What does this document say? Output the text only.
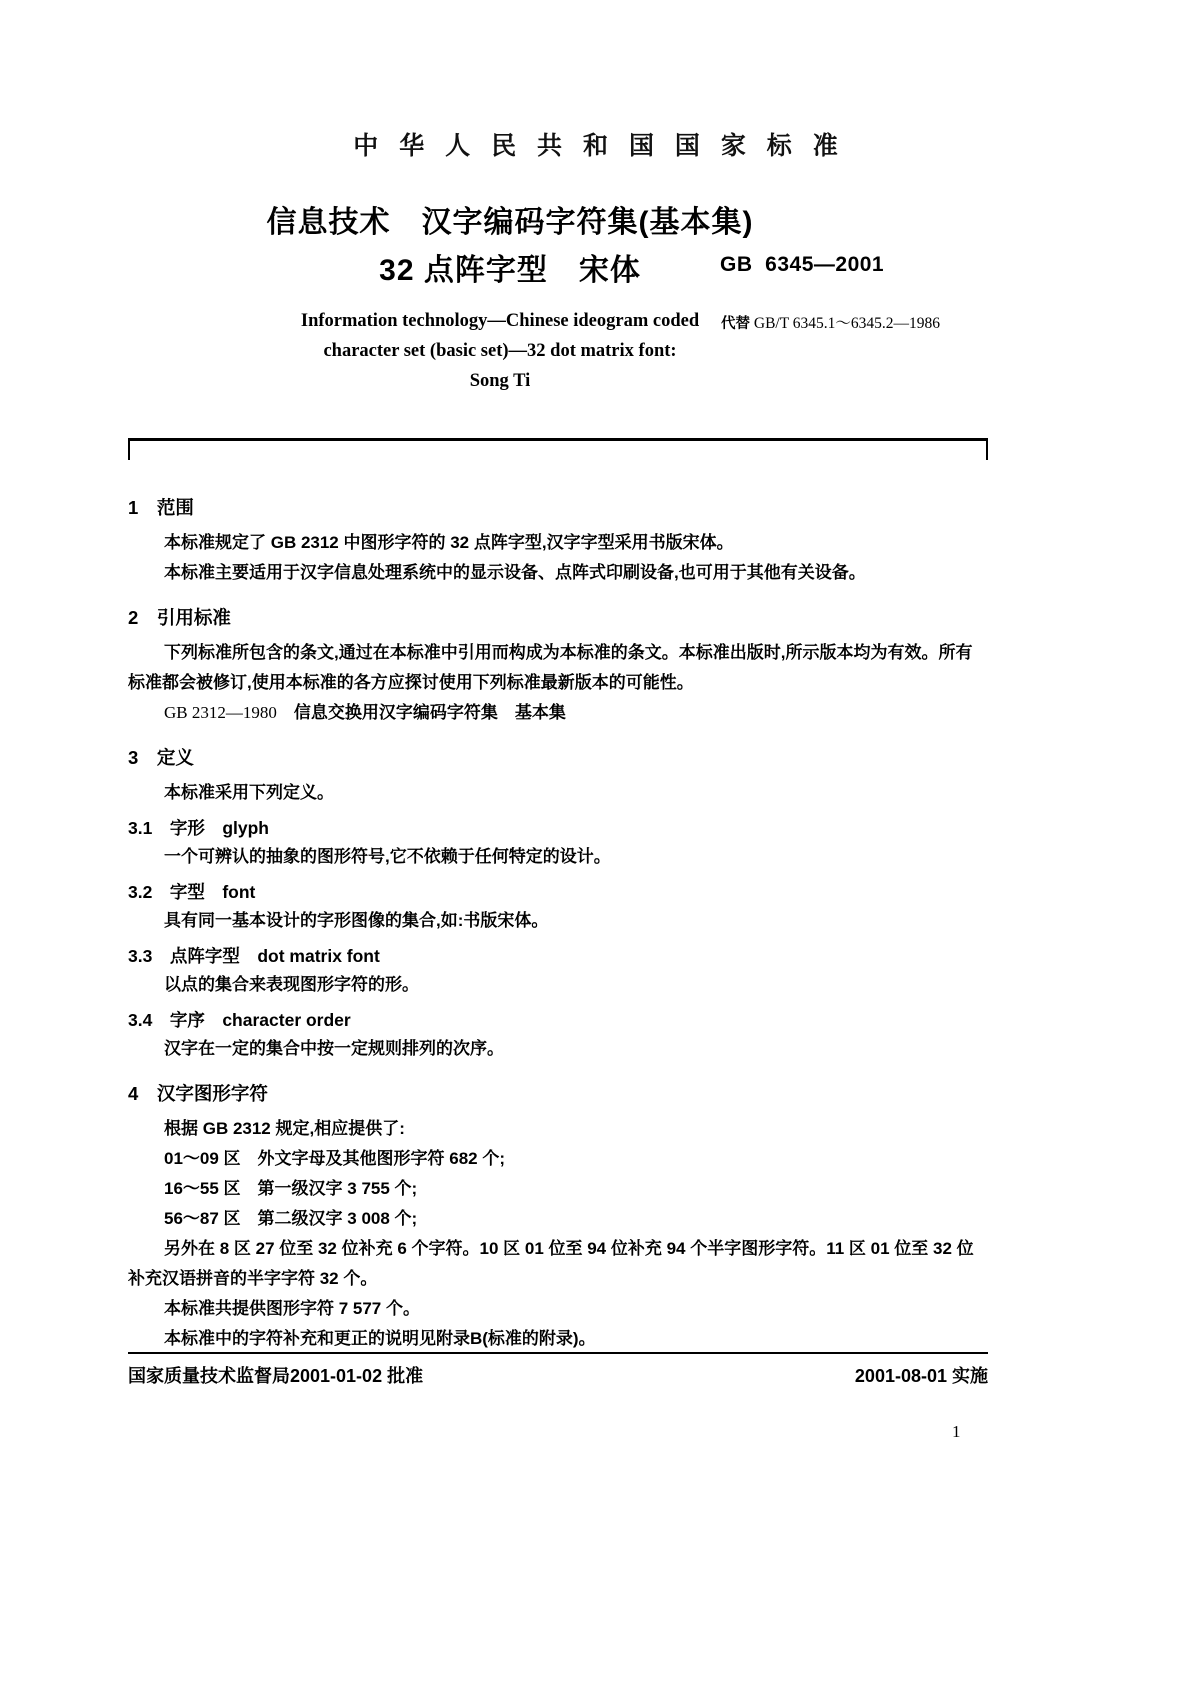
中 华 人 民 共 和 国 国 家 标 准
信息技术　汉字编码字符集(基本集)
32 点阵字型　宋体
Information technology—Chinese ideogram coded
character set (basic set)—32 dot matrix font:
Song Ti
GB  6345—2001
代替 GB/T 6345.1～6345.2—1986
1　 范围

本标准规定了 GB 2312 中图形字符的 32 点阵字型,汉字字型采用书版宋体。

本标准主要适用于汉字信息处理系统中的显示设备、点阵式印刷设备,也可用于其他有关设备。

2　 引用标准

下列标准所包含的条文,通过在本标准中引用而构成为本标准的条文。本标准出版时,所示版本均为有效。所有标准都会被修订,使用本标准的各方应探讨使用下列标准最新版本的可能性。

GB 2312—1980　 信息交换用汉字编码字符集　基本集

3　 定义

本标准采用下列定义。

3.1　 字形　glyph

一个可辨认的抽象的图形符号,它不依赖于任何特定的设计。

3.2　 字型　font

具有同一基本设计的字形图像的集合,如:书版宋体。

3.3　 点阵字型　dot matrix font

以点的集合来表现图形字符的形。

3.4　 字序　character order

汉字在一定的集合中按一定规则排列的次序。

4　 汉字图形字符

根据 GB 2312 规定,相应提供了:

01～09 区　外文字母及其他图形字符 682 个;

16～55 区　第一级汉字 3 755 个;

56～87 区　第二级汉字 3 008 个;

另外在 8 区 27 位至 32 位补充 6 个字符。10 区 01 位至 94 位补充 94 个半字图形字符。11 区 01 位至 32 位补充汉语拼音的半字字符 32 个。

本标准共提供图形字符 7 577 个。

本标准中的字符补充和更正的说明见附录B(标准的附录)。

国家质量技术监督局2001-01-02 批准	2001-08-01 实施
1
